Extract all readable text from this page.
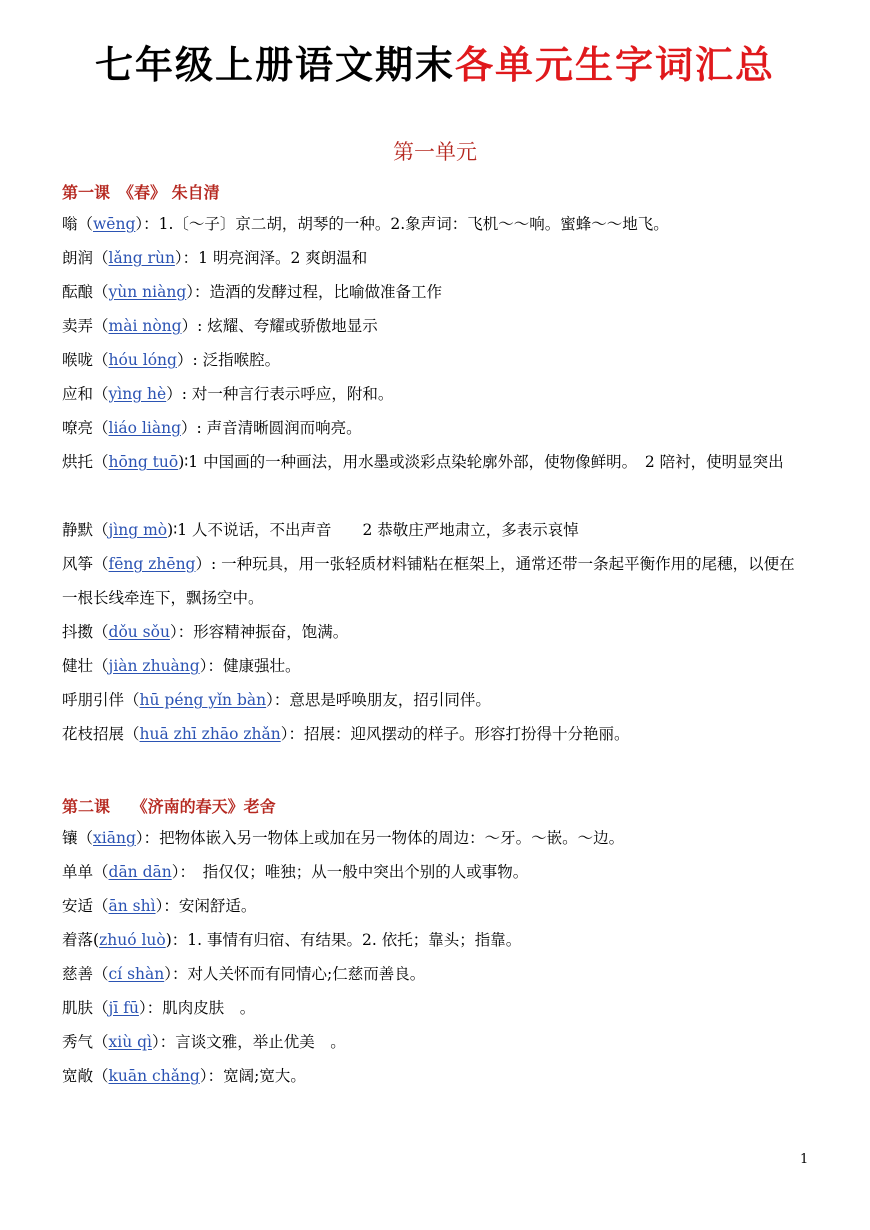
七年级上册语文期末各单元生字词汇总
第一单元
第一课　《春》 朱自清
嗡（wēng）：1.〔～子〕京二胡，胡琴的一种。2.象声词：飞机～～响。蜜蜂～～地飞。
朗润（lǎng rùn）：1 明亮润泽。2 爽朗温和
酝酿（yùn niàng）：造酒的发酵过程，比喻做准备工作
卖弄（mài nòng）: 炫耀、夸耀或骄傲地显示
喉咙（hóu lóng）: 泛指喉腔。
应和（yìng hè）: 对一种言行表示呼应，附和。
嘹亮（liáo liàng）: 声音清晰圆润而响亮。
烘托（hōng tuō)∶1 中国画的一种画法，用水墨或淡彩点染轮廓外部，使物像鲜明。　2 陪衬，使明显突出
静默（jìng mò)∶1 人不说话，不出声音　　2 恭敬庄严地肃立，多表示哀悼
风筝（fēng zhēng）: 一种玩具，用一张轻质材料铺粘在框架上，通常还带一条起平衡作用的尾穗，以便在一根长线牵连下，飘扬空中。
抖擞（dǒu sǒu）：形容精神振奋，饱满。
健壮（jiàn zhuàng）：健康强壮。
呼朋引伴（hū péng yǐn bàn）：意思是呼唤朋友，招引同伴。
花枝招展（huā zhī zhāo zhǎn）：招展：迎风摆动的样子。形容打扮得十分艳丽。
第二课　 《济南的春天》老舍
镶（xiāng）：把物体嵌入另一物体上或加在另一物体的周边：～牙。～嵌。～边。
单单（dān dān）：　指仅仅；唯独；从一般中突出个别的人或事物。
安适（ān shì）：安闲舒适。
着落(zhuó luò)：1. 事情有归宿、有结果。2. 依托；靠头；指靠。
慈善（cí shàn）：对人关怀而有同情心;仁慈而善良。
肌肤（jī fū）：肌肉皮肤　。
秀气（xiù qì）：言谈文雅，举止优美　。
宽敞（kuān chǎng）：宽阔;宽大。
1
